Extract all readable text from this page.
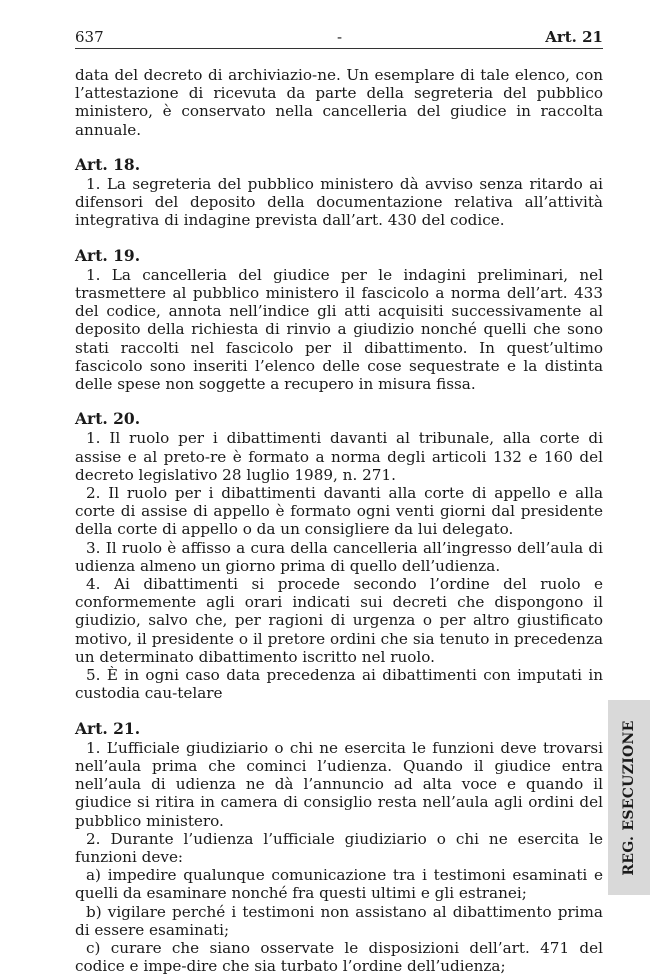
637	-	Art. 21

data del decreto di archiviazio-ne. Un esemplare di tale elenco, con l’attestazione di ricevuta da parte della segreteria del pubblico ministero, è conservato nella cancelleria del giudice in raccolta annuale.

Art. 18.

1. La segreteria del pubblico ministero dà avviso senza ritardo ai difensori del deposito della documentazione relativa all’attività integrativa di indagine prevista dall’art. 430 del codice.

Art. 19.

1. La cancelleria del giudice per le indagini preliminari, nel trasmettere al pubblico ministero il fascicolo a norma dell’art. 433 del codice, annota nell’indice gli atti acquisiti successivamente al deposito della richiesta di rinvio a giudizio nonché quelli che sono stati raccolti nel fascicolo per il dibattimento. In quest’ultimo fascicolo sono inseriti l’elenco delle cose sequestrate e la distinta delle spese non soggette a recupero in misura fissa.

Art. 20.

1. Il ruolo per i dibattimenti davanti al tribunale, alla corte di assise e al preto-re è formato a norma degli articoli 132 e 160 del decreto legislativo 28 luglio 1989, n. 271.

2. Il ruolo per i dibattimenti davanti alla corte di appello e alla corte di assise di appello è formato ogni venti giorni dal presidente della corte di appello o da un consigliere da lui delegato.

3. Il ruolo è affisso a cura della cancelleria all’ingresso dell’aula di udienza almeno un giorno prima di quello dell’udienza.

4. Ai dibattimenti si procede secondo l’ordine del ruolo e conformemente agli orari indicati sui decreti che dispongono il giudizio, salvo che, per ragioni di urgenza o per altro giustificato motivo, il presidente o il pretore ordini che sia tenuto in precedenza un determinato dibattimento iscritto nel ruolo.

5. È in ogni caso data precedenza ai dibattimenti con imputati in custodia cau-telare

Art. 21.

1. L’ufficiale giudiziario o chi ne esercita le funzioni deve trovarsi nell’aula prima che cominci l’udienza. Quando il giudice entra nell’aula di udienza ne dà l’annuncio ad alta voce e quando il giudice si ritira in camera di consiglio resta nell’aula agli ordini del pubblico ministero.

2. Durante l’udienza l’ufficiale giudiziario o chi ne esercita le funzioni deve:

a) impedire qualunque comunicazione tra i testimoni esaminati e quelli da esaminare nonché fra questi ultimi e gli estranei;

b) vigilare perché i testimoni non assistano al dibattimento prima di essere esaminati;

c) curare che siano osservate le disposizioni dell’art. 471 del codice e impe-dire che sia turbato l’ordine dell’udienza;

REG. ESECUZIONE
